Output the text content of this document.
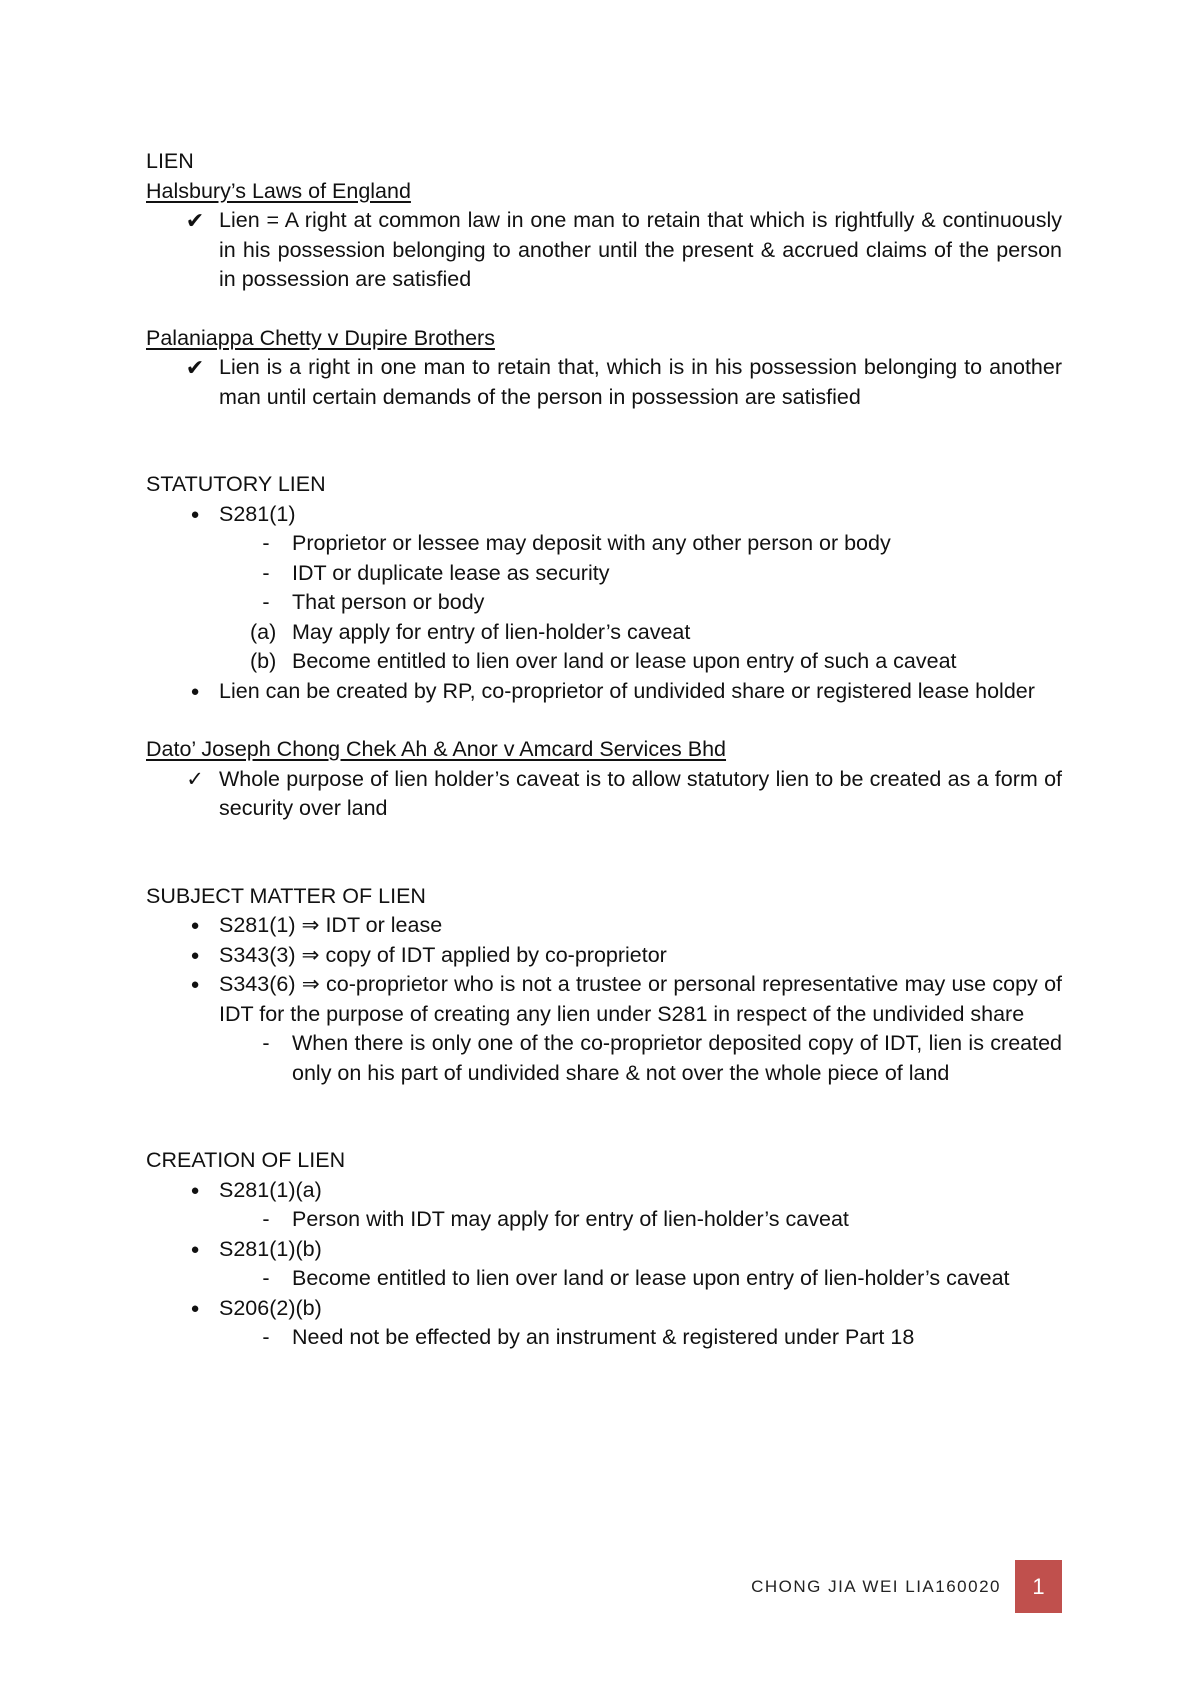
LIEN

Halsbury’s Laws of England

✔ Lien = A right at common law in one man to retain that which is rightfully & continuously in his possession belonging to another until the present & accrued claims of the person in possession are satisfied

Palaniappa Chetty v Dupire Brothers

✔ Lien is a right in one man to retain that, which is in his possession belonging to another man until certain demands of the person in possession are satisfied

STATUTORY LIEN

● S281(1)
- Proprietor or lessee may deposit with any other person or body
- IDT or duplicate lease as security
- That person or body
(a) May apply for entry of lien-holder’s caveat
(b) Become entitled to lien over land or lease upon entry of such a caveat
● Lien can be created by RP, co-proprietor of undivided share or registered lease holder

Dato’ Joseph Chong Chek Ah & Anor v Amcard Services Bhd

✓ Whole purpose of lien holder’s caveat is to allow statutory lien to be created as a form of security over land

SUBJECT MATTER OF LIEN

● S281(1) ⇒ IDT or lease
● S343(3) ⇒ copy of IDT applied by co-proprietor
● S343(6) ⇒ co-proprietor who is not a trustee or personal representative may use copy of IDT for the purpose of creating any lien under S281 in respect of the undivided share
- When there is only one of the co-proprietor deposited copy of IDT, lien is created only on his part of undivided share & not over the whole piece of land

CREATION OF LIEN

● S281(1)(a)
- Person with IDT may apply for entry of lien-holder’s caveat
● S281(1)(b)
- Become entitled to lien over land or lease upon entry of lien-holder’s caveat
● S206(2)(b)
- Need not be effected by an instrument & registered under Part 18
CHONG JIA WEI LIA160020	1
